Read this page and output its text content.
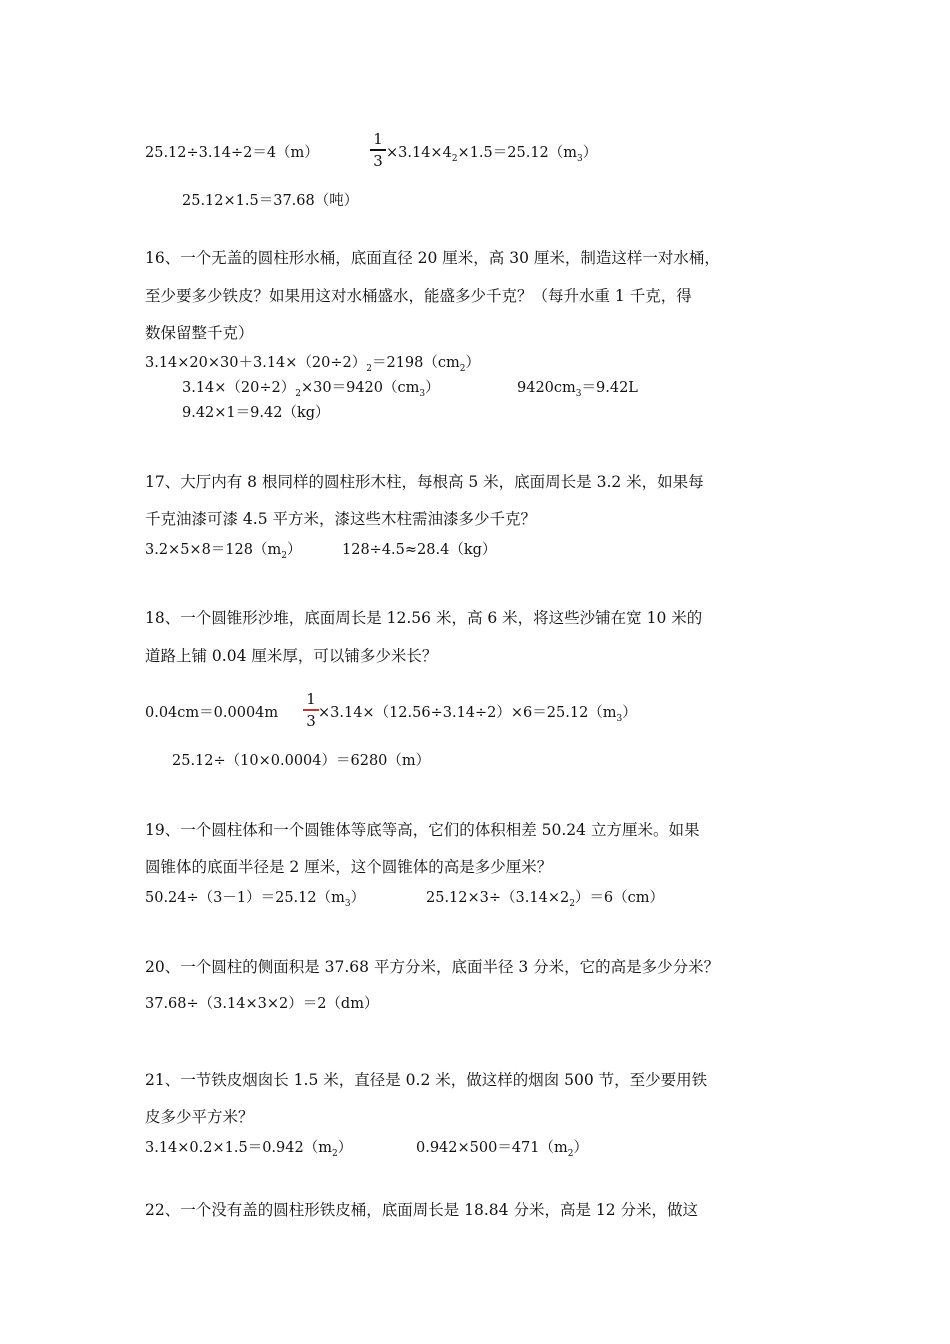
25.12÷3.14÷2＝4（m）
1
$3 \times 3.14\times 4_2\times 1.5=25.12(m_3)$
25.12×1.5＝37.68（吨）
16、一个无盖的圆柱形水桶，底面直径 20 厘米，高 30 厘米，制造这样一对水桶，
至少要多少铁皮？如果用这对水桶盛水，能盛多少千克？（每升水重 1 千克，得
数保留整千克）
$3.14\times 20\times 30+3.14\times(20\div 2)_2=2198(cm_2)$
$3.14\times(20\div 2)_2\times 30=9420(cm_3)$	$9420cm_3=9.42L$
9.42×1＝9.42（kg）
17、大厅内有 8 根同样的圆柱形木柱，每根高 5 米，底面周长是 3.2 米，如果每
千克油漆可漆 4.5 平方米，漆这些木柱需油漆多少千克？
$3.2\times 5\times 8=128(m_2)$	128÷4.5≈28.4（kg）
18、一个圆锥形沙堆，底面周长是 12.56 米，高 6 米，将这些沙铺在宽 10 米的
道路上铺 0.04 厘米厚，可以铺多少米长？
0.04cm＝0.0004m
1
$3 \times 3.14\times(12.56\div 3.14\div 2)\times 6=25.12(m_3)$
25.12÷（10×0.0004）＝6280（m）
19、一个圆柱体和一个圆锥体等底等高，它们的体积相差 50.24 立方厘米。如果
圆锥体的底面半径是 2 厘米，这个圆锥体的高是多少厘米？
$50.24\div(3-1)=25.12(m_3)$	$25.12\times 3\div(3.14\times 2_2)=6(cm)$
20、一个圆柱的侧面积是 37.68 平方分米，底面半径 3 分米，它的高是多少分米？
37.68÷（3.14×3×2）＝2（dm）
21、一节铁皮烟囱长 1.5 米，直径是 0.2 米，做这样的烟囱 500 节，至少要用铁
皮多少平方米？
$3.14\times 0.2\times 1.5=0.942(m_2)$	$0.942\times 500=471(m_2)$
22、一个没有盖的圆柱形铁皮桶，底面周长是 18.84 分米，高是 12 分米，做这
